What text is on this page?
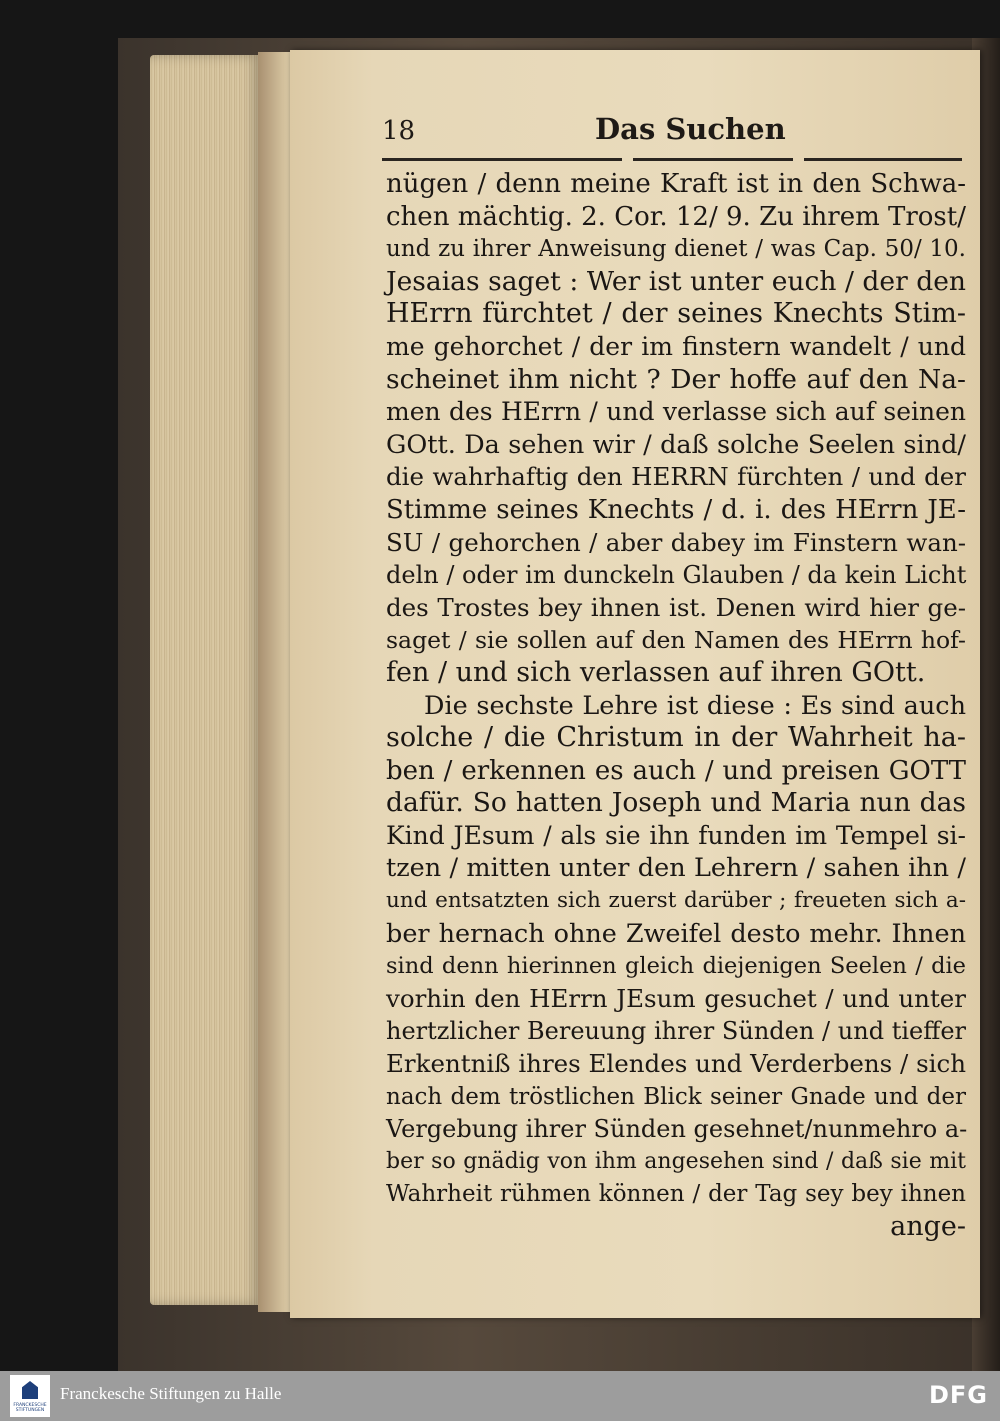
18	Das Suchen
nügen / denn meine Kraft ist in den Schwa-
chen mächtig. 2. Cor. 12/ 9. Zu ihrem Trost/
und zu ihrer Anweisung dienet / was Cap. 50/ 10.
Jesaias saget : Wer ist unter euch / der den
HErrn fürchtet / der seines Knechts Stim-
me gehorchet / der im finstern wandelt / und
scheinet ihm nicht ? Der hoffe auf den Na-
men des HErrn / und verlasse sich auf seinen
GOtt. Da sehen wir / daß solche Seelen sind/
die wahrhaftig den HERRN fürchten / und der
Stimme seines Knechts / d. i. des HErrn JE-
SU / gehorchen / aber dabey im Finstern wan-
deln / oder im dunckeln Glauben / da kein Licht
des Trostes bey ihnen ist. Denen wird hier ge-
saget / sie sollen auf den Namen des HErrn hof-
fen / und sich verlassen auf ihren GOtt.
Die sechste Lehre ist diese : Es sind auch
solche / die Christum in der Wahrheit ha-
ben / erkennen es auch / und preisen GOTT
dafür. So hatten Joseph und Maria nun das
Kind JEsum / als sie ihn funden im Tempel si-
tzen / mitten unter den Lehrern / sahen ihn /
und entsatzten sich zuerst darüber ; freueten sich a-
ber hernach ohne Zweifel desto mehr. Ihnen
sind denn hierinnen gleich diejenigen Seelen / die
vorhin den HErrn JEsum gesuchet / und unter
hertzlicher Bereuung ihrer Sünden / und tieffer
Erkentniß ihres Elendes und Verderbens / sich
nach dem tröstlichen Blick seiner Gnade und der
Vergebung ihrer Sünden gesehnet/nunmehro a-
ber so gnädig von ihm angesehen sind / daß sie mit
Wahrheit rühmen können / der Tag sey bey ihnen
ange-
FRANCKESCHE STIFTUNGEN
Franckesche Stiftungen zu Halle	DFG
